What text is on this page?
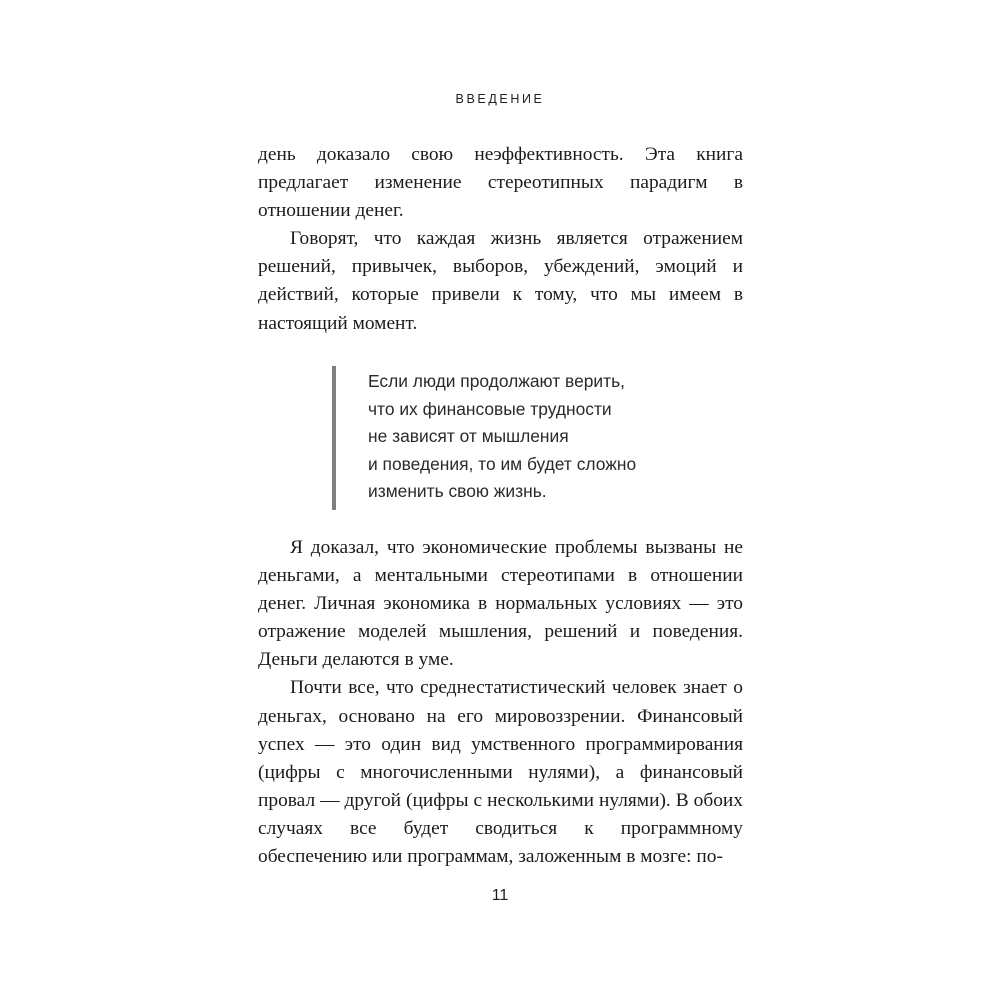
ВВЕДЕНИЕ

день доказало свою неэффективность. Эта книга предлагает изменение стереотипных парадигм в отношении денег.

Говорят, что каждая жизнь является отражением решений, привычек, выборов, убеждений, эмоций и действий, которые привели к тому, что мы имеем в настоящий момент.

Если люди продолжают верить,
что их финансовые трудности
не зависят от мышления
и поведения, то им будет сложно
изменить свою жизнь.

Я доказал, что экономические проблемы вызваны не деньгами, а ментальными стереотипами в отношении денег. Личная экономика в нормальных условиях — это отражение моделей мышления, решений и поведения. Деньги делаются в уме.

Почти все, что среднестатистический человек знает о деньгах, основано на его мировоззрении. Финансовый успех — это один вид умственного программирования (цифры с многочисленными нулями), а финансовый провал — другой (цифры с несколькими нулями). В обоих случаях все будет сводиться к программному обеспечению или программам, заложенным в мозге: по-

11
